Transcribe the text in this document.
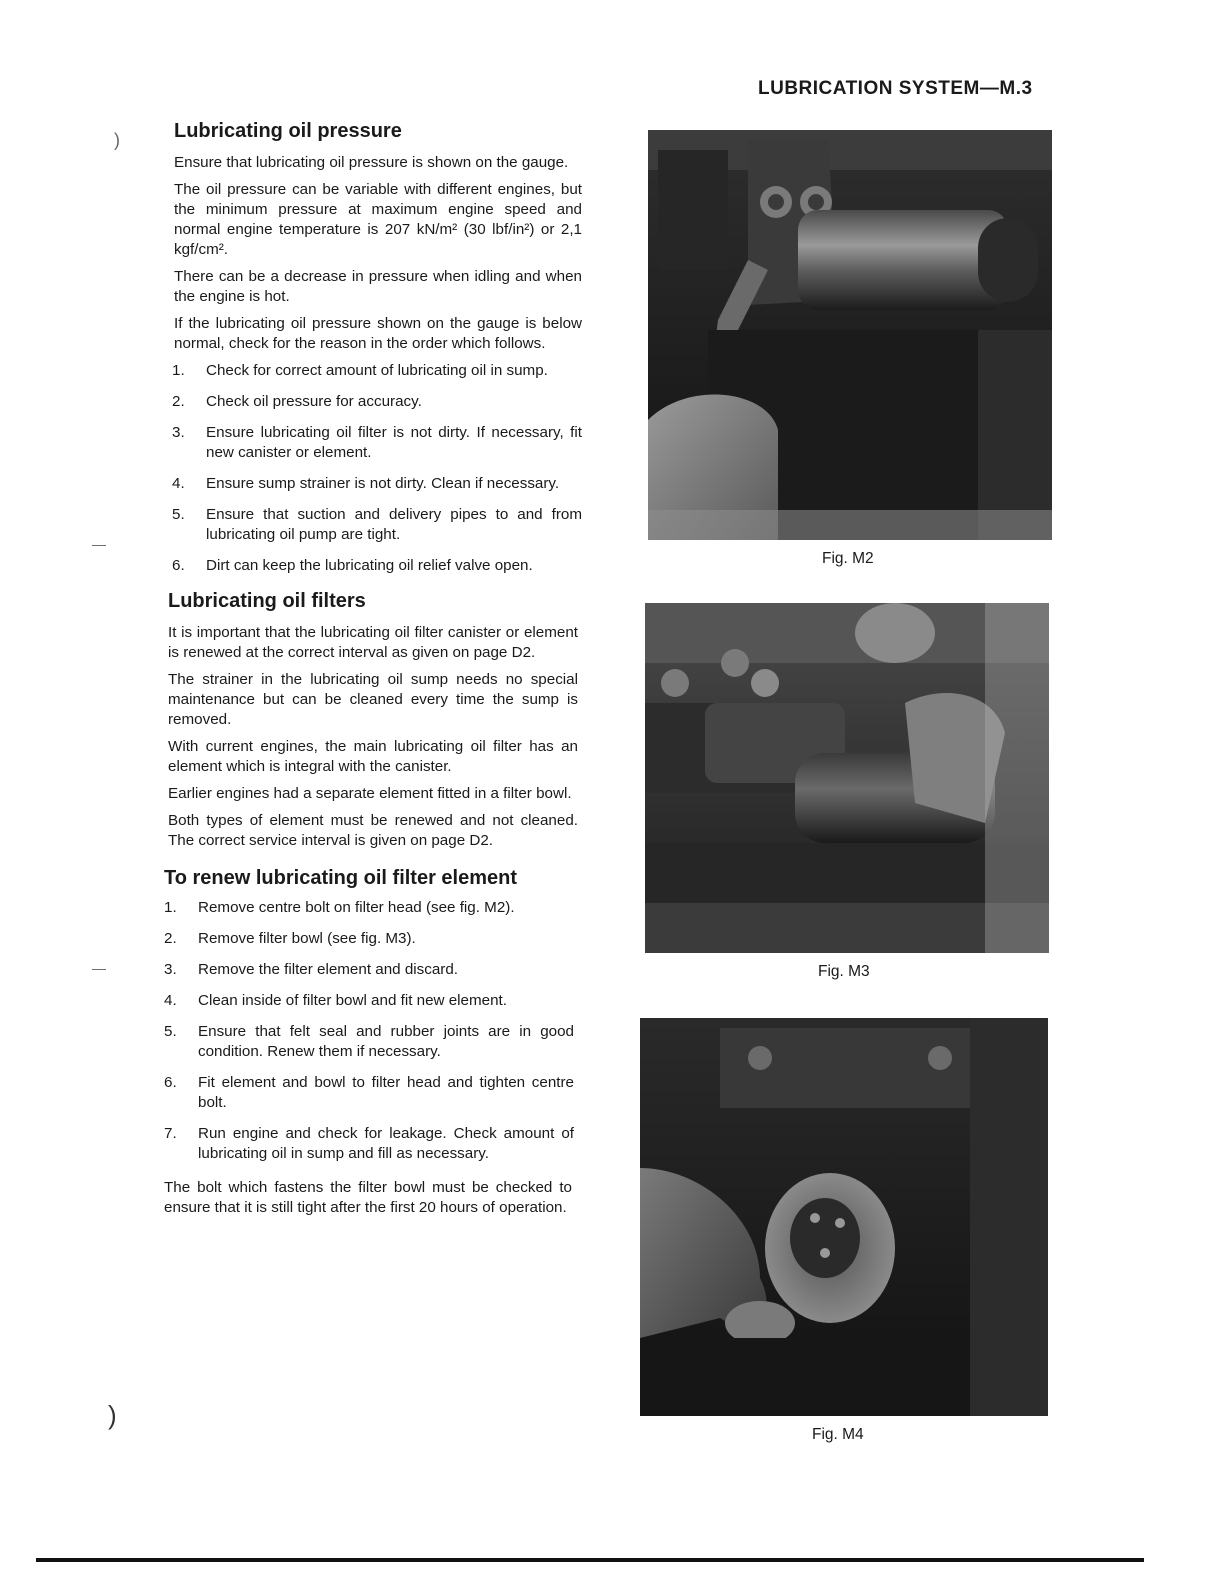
LUBRICATION SYSTEM—M.3
)
—
—
)
Lubricating oil pressure

Ensure that lubricating oil pressure is shown on the gauge.

The oil pressure can be variable with different engines, but the minimum pressure at maximum engine speed and normal engine temperature is 207 kN/m² (30 lbf/in²) or 2,1 kgf/cm².

There can be a decrease in pressure when idling and when the engine is hot.

If the lubricating oil pressure shown on the gauge is below normal, check for the reason in the order which follows.

1.	Check for correct amount of lubricating oil in sump.
2.	Check oil pressure for accuracy.
3.	Ensure lubricating oil filter is not dirty. If necessary, fit new canister or element.
4.	Ensure sump strainer is not dirty. Clean if necessary.
5.	Ensure that suction and delivery pipes to and from lubricating oil pump are tight.
6.	Dirt can keep the lubricating oil relief valve open.
Lubricating oil filters

It is important that the lubricating oil filter canister or element is renewed at the correct interval as given on page D2.

The strainer in the lubricating oil sump needs no special maintenance but can be cleaned every time the sump is removed.

With current engines, the main lubricating oil filter has an element which is integral with the canister.

Earlier engines had a separate element fitted in a filter bowl.

Both types of element must be renewed and not cleaned. The correct service interval is given on page D2.

To renew lubricating oil filter element
1.	Remove centre bolt on filter head (see fig. M2).
2.	Remove filter bowl (see fig. M3).
3.	Remove the filter element and discard.
4.	Clean inside of filter bowl and fit new element.
5.	Ensure that felt seal and rubber joints are in good condition. Renew them if necessary.
6.	Fit element and bowl to filter head and tighten centre bolt.
7.	Run engine and check for leakage. Check amount of lubricating oil in sump and fill as necessary.

The bolt which fastens the filter bowl must be checked to ensure that it is still tight after the first 20 hours of operation.

Fig. M2
Fig. M3
Fig. M4
